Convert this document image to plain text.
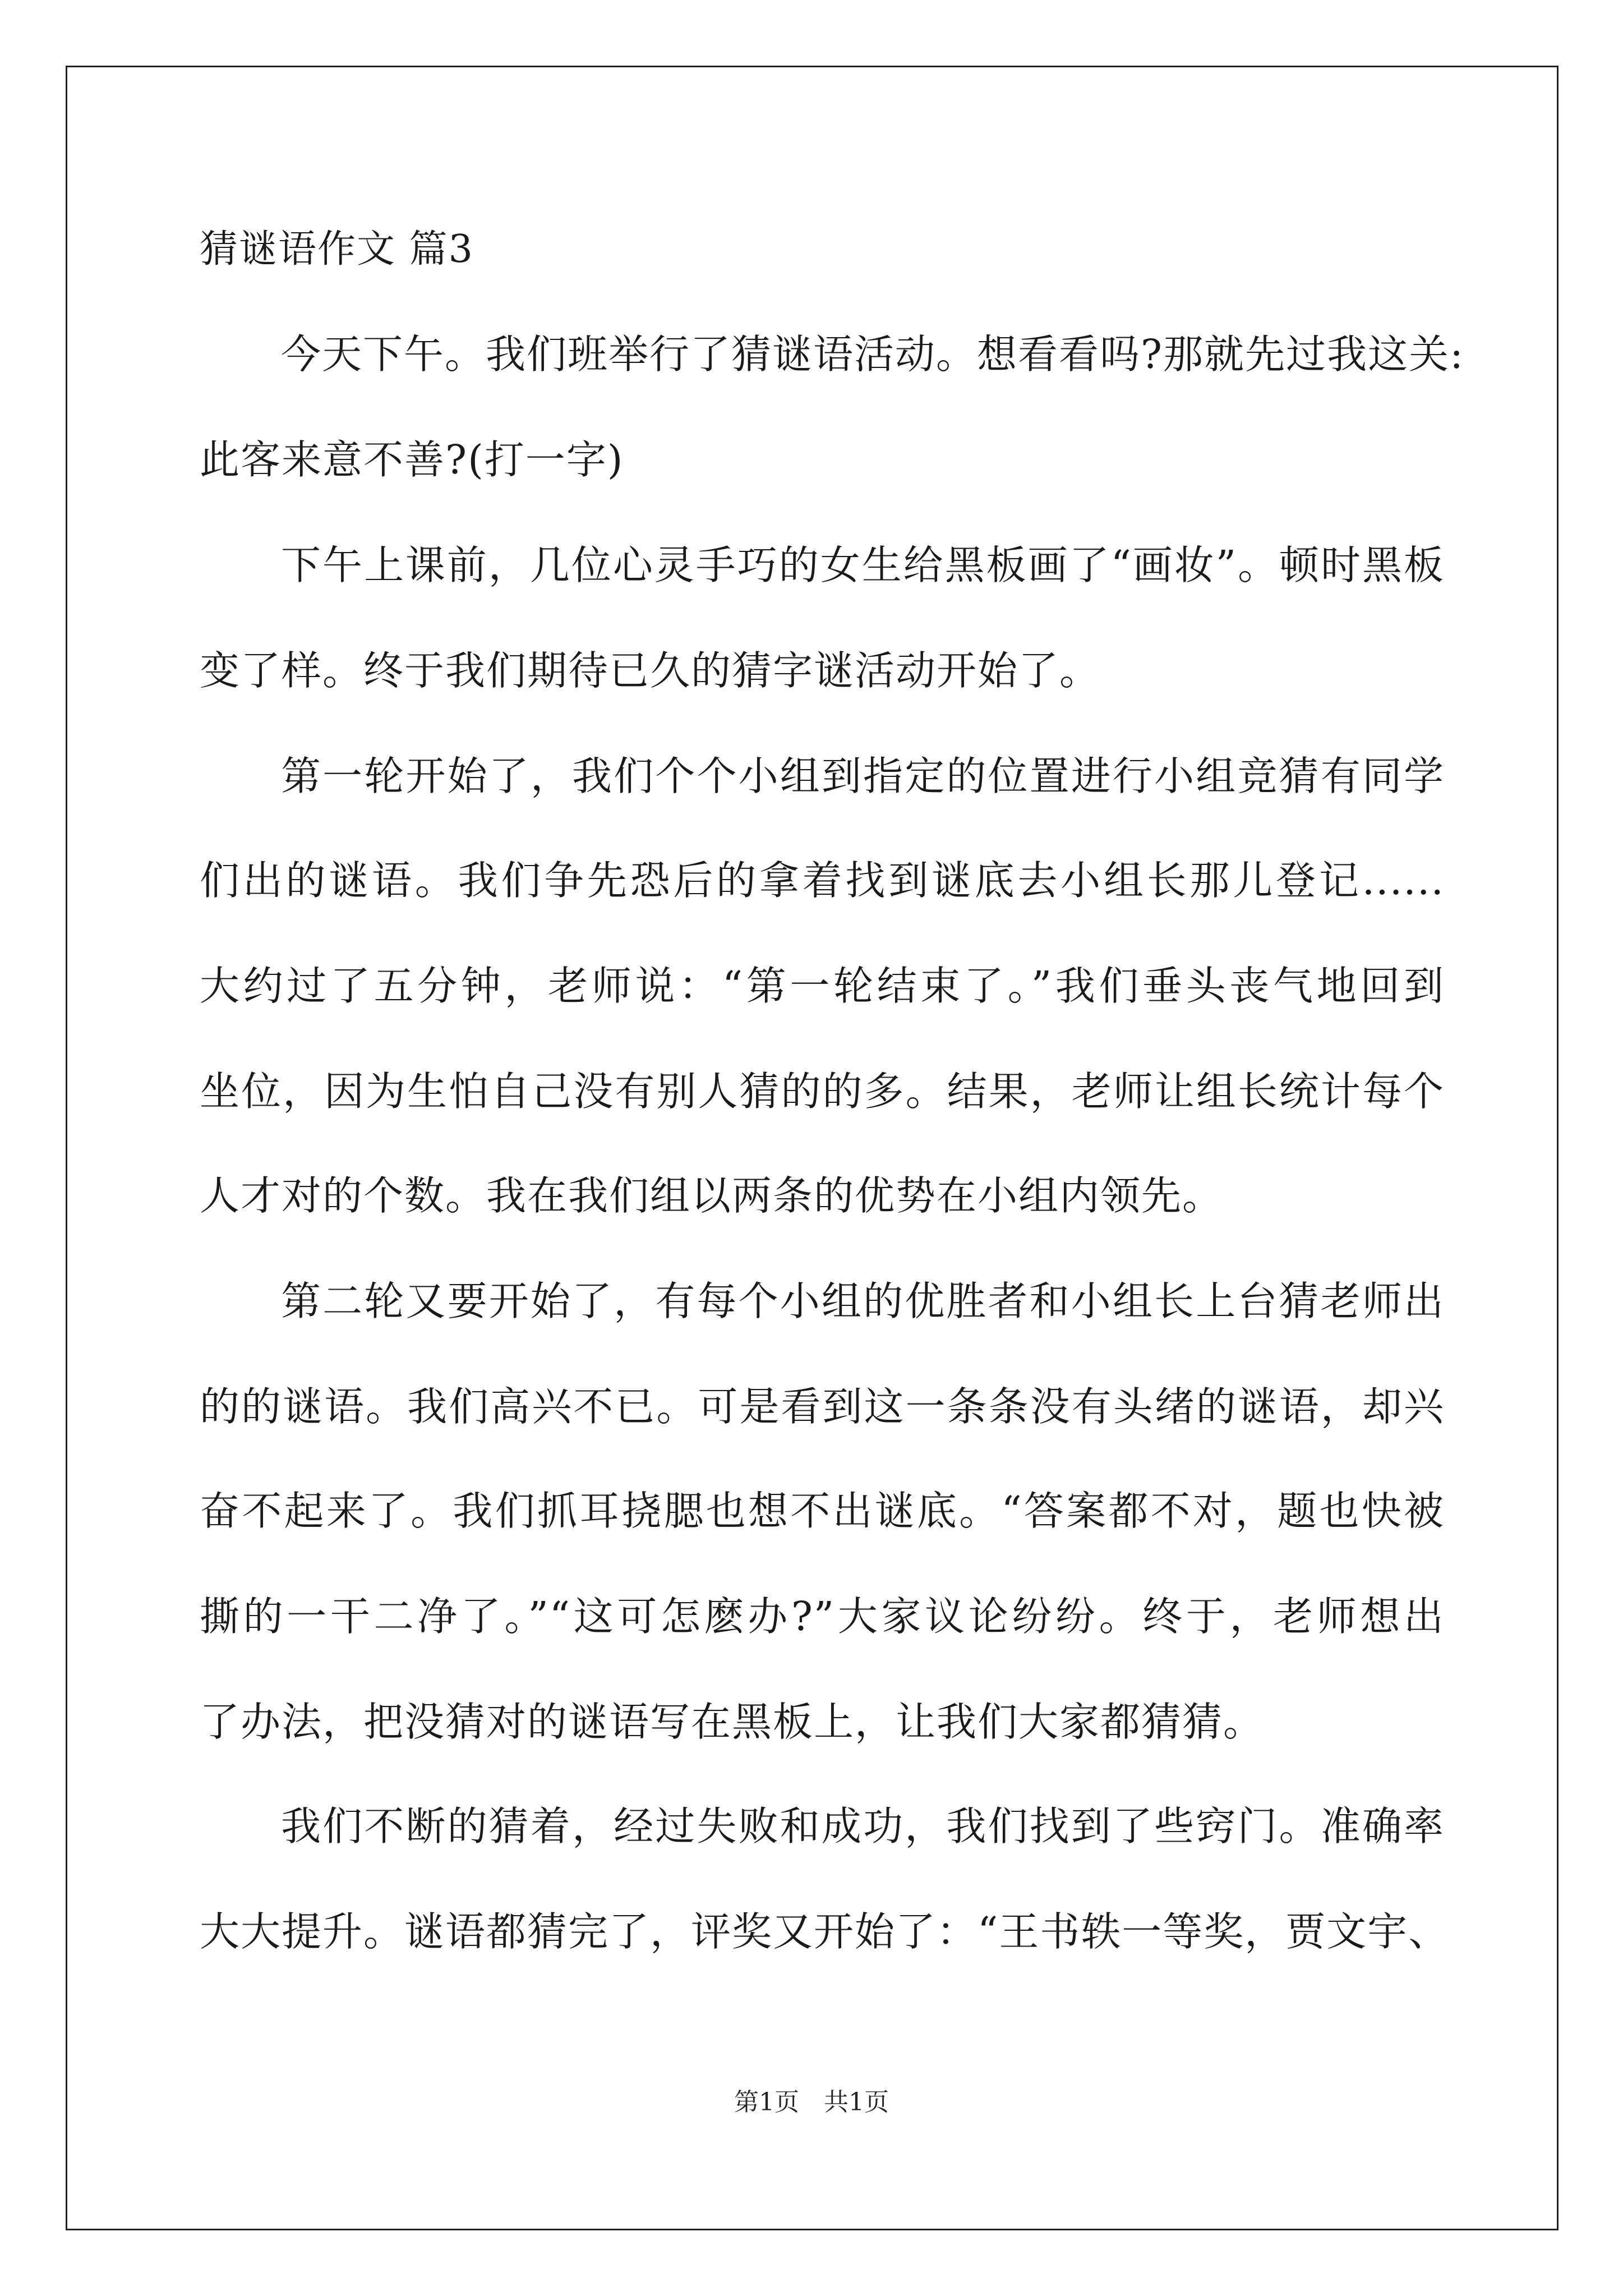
猜谜语作文 篇3
今天下午。我们班举行了猜谜语活动。想看看吗?那就先过我这关:
此客来意不善?(打一字)
下午上课前，几位心灵手巧的女生给黑板画了“画妆”。顿时黑板
变了样。终于我们期待已久的猜字谜活动开始了。
第一轮开始了，我们个个小组到指定的位置进行小组竞猜有同学
们出的谜语。我们争先恐后的拿着找到谜底去小组长那儿登记......
大约过了五分钟，老师说：“第一轮结束了。”我们垂头丧气地回到
坐位，因为生怕自己没有别人猜的的多。结果，老师让组长统计每个
人才对的个数。我在我们组以两条的优势在小组内领先。
第二轮又要开始了，有每个小组的优胜者和小组长上台猜老师出
的的谜语。我们高兴不已。可是看到这一条条没有头绪的谜语，却兴
奋不起来了。我们抓耳挠腮也想不出谜底。“答案都不对，题也快被
撕的一干二净了。”“这可怎麽办?”大家议论纷纷。终于，老师想出
了办法，把没猜对的谜语写在黑板上，让我们大家都猜猜。
我们不断的猜着，经过失败和成功，我们找到了些窍门。准确率
大大提升。谜语都猜完了，评奖又开始了：“王书轶一等奖，贾文宇、
第1页　共1页
